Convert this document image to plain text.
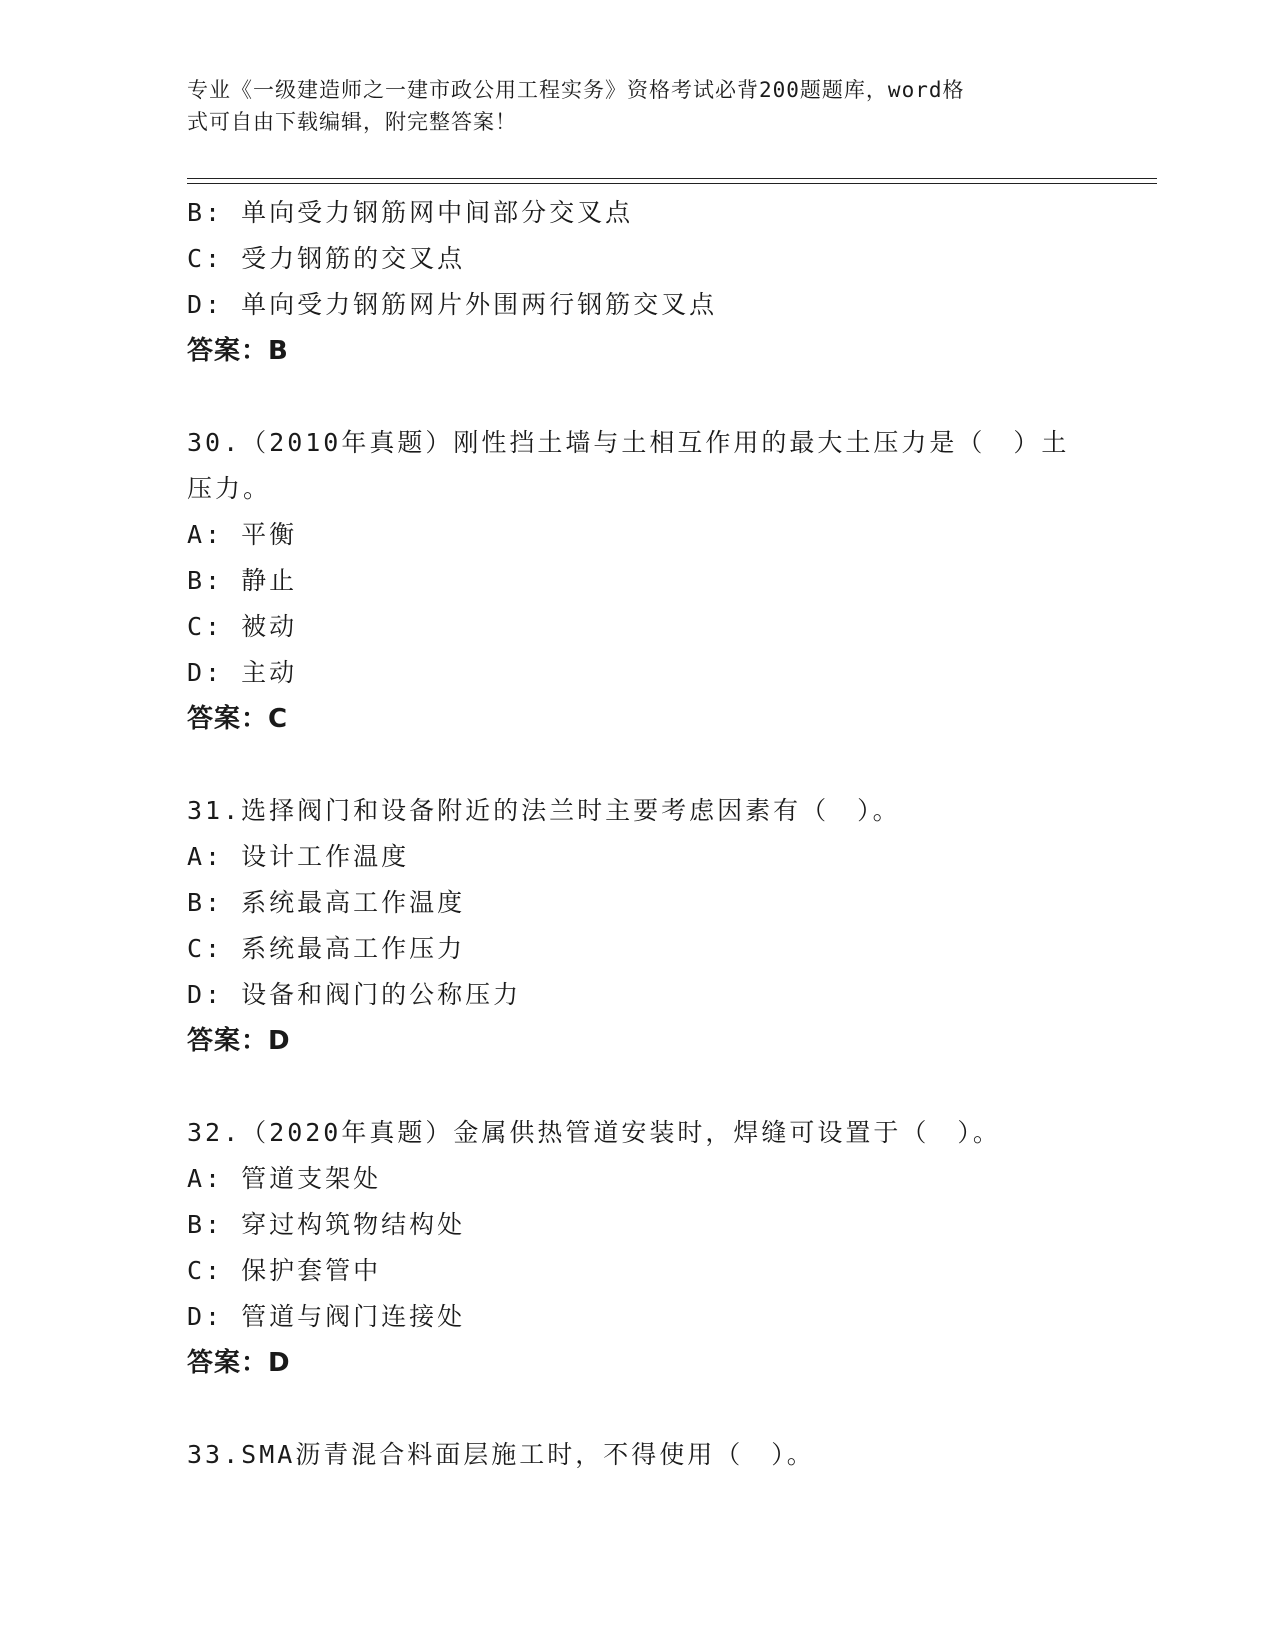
专业《一级建造师之一建市政公用工程实务》资格考试必背200题题库，word格
式可自由下载编辑，附完整答案！
B: 单向受力钢筋网中间部分交叉点
C: 受力钢筋的交叉点
D: 单向受力钢筋网片外围两行钢筋交叉点
答案：B
30.（2010年真题）刚性挡土墙与土相互作用的最大土压力是（　）土压力。
A: 平衡
B: 静止
C: 被动
D: 主动
答案：C
31.选择阀门和设备附近的法兰时主要考虑因素有（　）。
A: 设计工作温度
B: 系统最高工作温度
C: 系统最高工作压力
D: 设备和阀门的公称压力
答案：D
32.（2020年真题）金属供热管道安装时，焊缝可设置于（　）。
A: 管道支架处
B: 穿过构筑物结构处
C: 保护套管中
D: 管道与阀门连接处
答案：D
33.SMA沥青混合料面层施工时，不得使用（　）。
